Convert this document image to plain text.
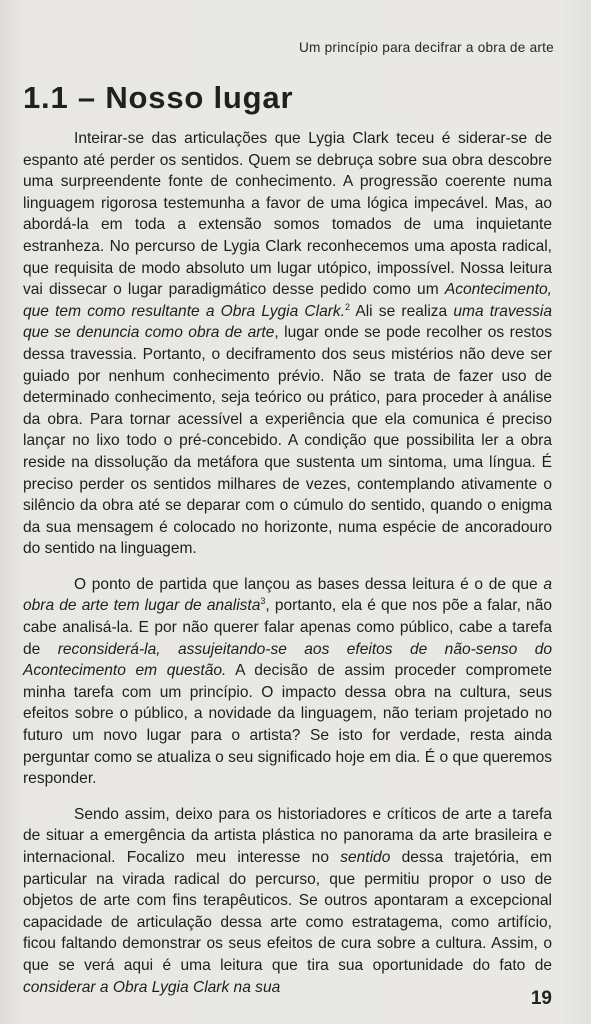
Um princípio para decifrar a obra de arte
1.1 – Nosso lugar

Inteirar-se das articulações que Lygia Clark teceu é siderar-se de espanto até perder os sentidos. Quem se debruça sobre sua obra descobre uma surpreendente fonte de conhecimento. A progressão coerente numa linguagem rigorosa testemunha a favor de uma lógica impecável. Mas, ao abordá-la em toda a extensão somos tomados de uma inquietante estranheza. No percurso de Lygia Clark reconhecemos uma aposta radical, que requisita de modo absoluto um lugar utópico, impossível. Nossa leitura vai dissecar o lugar paradigmático desse pedido como um Acontecimento, que tem como resultante a Obra Lygia Clark.$^2$ Ali se realiza uma travessia que se denuncia como obra de arte, lugar onde se pode recolher os restos dessa travessia. Portanto, o deciframento dos seus mistérios não deve ser guiado por nenhum conhecimento prévio. Não se trata de fazer uso de determinado conhecimento, seja teórico ou prático, para proceder à análise da obra. Para tornar acessível a experiência que ela comunica é preciso lançar no lixo todo o pré-concebido. A condição que possibilita ler a obra reside na dissolução da metáfora que sustenta um sintoma, uma língua. É preciso perder os sentidos milhares de vezes, contemplando ativamente o silêncio da obra até se deparar com o cúmulo do sentido, quando o enigma da sua mensagem é colocado no horizonte, numa espécie de ancoradouro do sentido na linguagem.

O ponto de partida que lançou as bases dessa leitura é o de que a obra de arte tem lugar de analista$^3$, portanto, ela é que nos põe a falar, não cabe analisá-la. E por não querer falar apenas como público, cabe a tarefa de reconsiderá-la, assujeitando-se aos efeitos de não-senso do Acontecimento em questão. A decisão de assim proceder compromete minha tarefa com um princípio. O impacto dessa obra na cultura, seus efeitos sobre o público, a novidade da linguagem, não teriam projetado no futuro um novo lugar para o artista? Se isto for verdade, resta ainda perguntar como se atualiza o seu significado hoje em dia. É o que queremos responder.

Sendo assim, deixo para os historiadores e críticos de arte a tarefa de situar a emergência da artista plástica no panorama da arte brasileira e internacional. Focalizo meu interesse no sentido dessa trajetória, em particular na virada radical do percurso, que permitiu propor o uso de objetos de arte com fins terapêuticos. Se outros apontaram a excepcional capacidade de articulação dessa arte como estratagema, como artifício, ficou faltando demonstrar os seus efeitos de cura sobre a cultura. Assim, o que se verá aqui é uma leitura que tira sua oportunidade do fato de considerar a Obra Lygia Clark na sua

19
